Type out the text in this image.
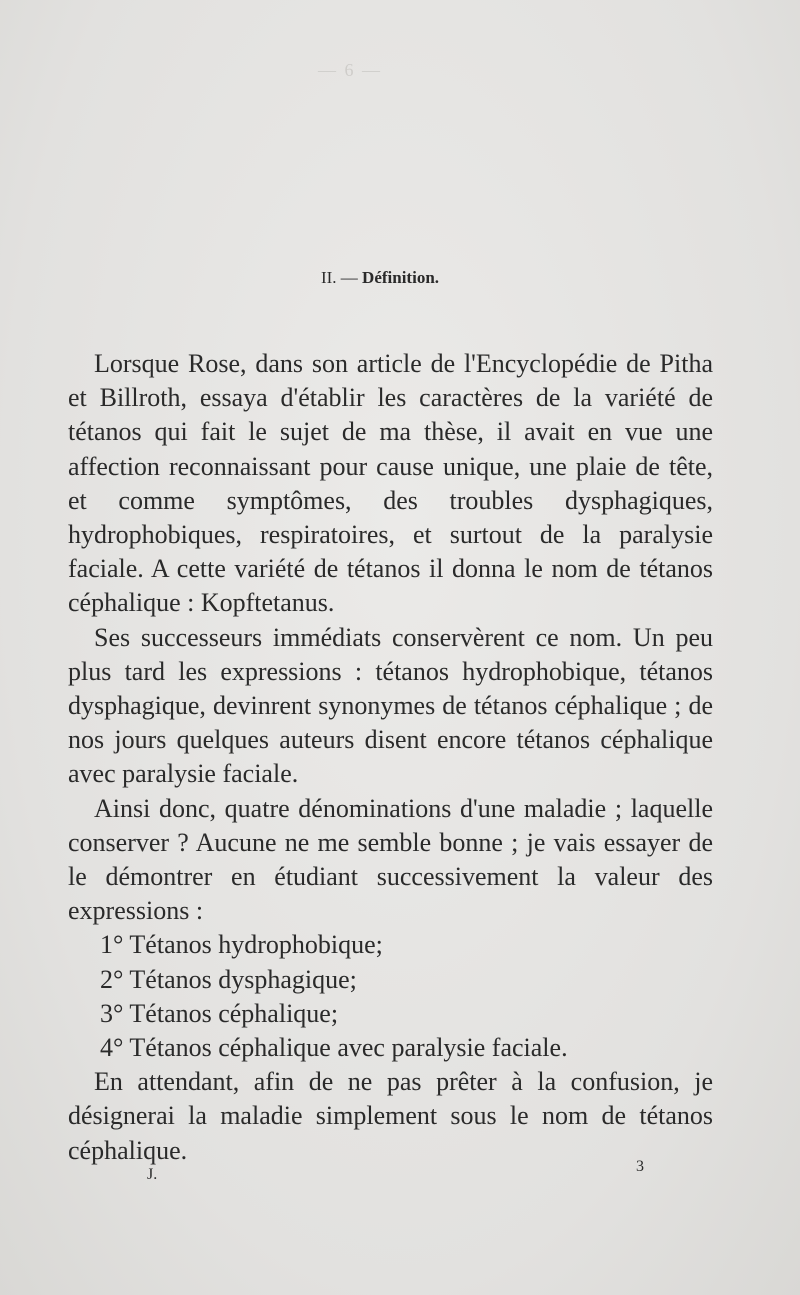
— 6 —
II. — Définition.

Lorsque Rose, dans son article de l'Encyclopédie de Pitha et Billroth, essaya d'établir les caractères de la variété de tétanos qui fait le sujet de ma thèse, il avait en vue une affection reconnaissant pour cause unique, une plaie de tête, et comme symptômes, des troubles dysphagiques, hydrophobiques, respiratoires, et surtout de la paralysie faciale. A cette variété de tétanos il donna le nom de tétanos céphalique : Kopftetanus.

Ses successeurs immédiats conservèrent ce nom. Un peu plus tard les expressions : tétanos hydrophobique, tétanos dysphagique, devinrent synonymes de tétanos céphalique ; de nos jours quelques auteurs disent encore tétanos céphalique avec paralysie faciale.

Ainsi donc, quatre dénominations d'une maladie ; laquelle conserver ? Aucune ne me semble bonne ; je vais essayer de le démontrer en étudiant successivement la valeur des expressions :

1° Tétanos hydrophobique;
2° Tétanos dysphagique;
3° Tétanos céphalique;
4° Tétanos céphalique avec paralysie faciale.

En attendant, afin de ne pas prêter à la confusion, je désignerai la maladie simplement sous le nom de tétanos céphalique.

J.	3
